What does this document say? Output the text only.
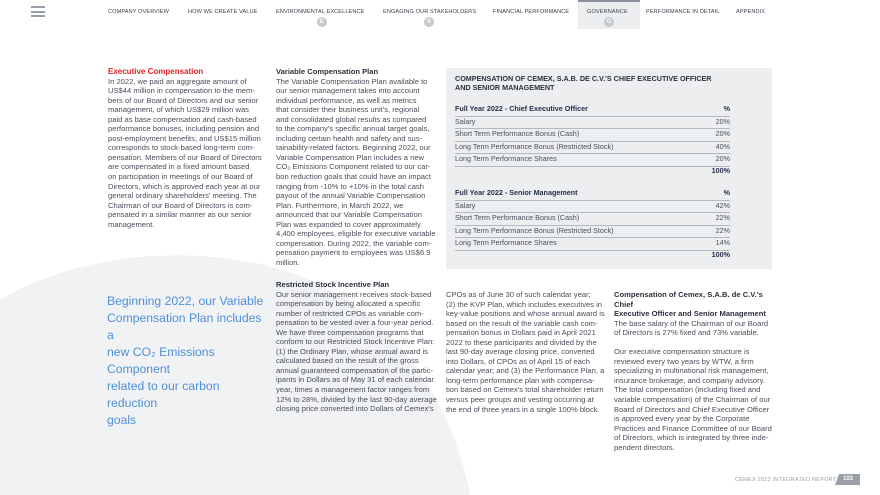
COMPANY OVERVIEW	HOW WE CREATE VALUE	ENVIRONMENTAL EXCELLENCE	ENGAGING OUR STAKEHOLDERS	FINANCIAL PERFORMANCE	GOVERNANCE	PERFORMANCE IN DETAIL	APPENDIX
E	S	G

Executive Compensation

In 2022, we paid an aggregate amount of
US$44 million in compensation to the mem-
bers of our Board of Directors and our senior
management, of which US$29 million was
paid as base compensation and cash-based
performance bonuses, including pension and
post-employment benefits, and US$15 million
corresponds to stock-based long-term com-
pensation. Members of our Board of Directors
are compensated in a fixed amount based
on participation in meetings of our Board of
Directors, which is approved each year at our
general ordinary shareholders' meeting. The
Chairman of our Board of Directors is com-
pensated in a similar manner as our senior
management.
Beginning 2022, our Variable
Compensation Plan includes a
new CO₂ Emissions Component
related to our carbon reduction
goals

Variable Compensation Plan

The Variable Compensation Plan available to
our senior management takes into account
individual performance, as well as metrics
that consider their business unit's, regional
and consolidated global results as compared
to the company's specific annual target goals,
including certain health and safety and sus-
tainability-related factors. Beginning 2022, our
Variable Compensation Plan includes a new
CO₂ Emissions Component related to our car-
bon reduction goals that could have an impact
ranging from -10% to +10% in the total cash
payout of the annual Variable Compensation
Plan. Furthermore, in March 2022, we
announced that our Variable Compensation
Plan was expanded to cover approximately
4,400 employees, eligible for executive variable
compensation. During 2022, the variable com-
pensation payment to employees was US$6.9
million.

Restricted Stock Incentive Plan

Our senior management receives stock-based
compensation by being allocated a specific
number of restricted CPOs as variable com-
pensation to be vested over a four-year period.
We have three compensation programs that
conform to our Restricted Stock Incentive Plan:
(1) the Ordinary Plan, whose annual award is
calculated based on the result of the gross
annual guaranteed compensation of the partic-
ipants in Dollars as of May 31 of each calendar
year, times a management factor ranges from
12% to 28%, divided by the last 90-day average
closing price converted into Dollars of Cemex's
CPOs as of June 30 of such calendar year;
(2) the KVP Plan, which includes executives in
key-value positions and whose annual award is
based on the result of the variable cash com-
pensation bonus in Dollars paid in April 2021
2022 to these participants and divided by the
last 90-day average closing price, converted
into Dollars, of CPOs as of April 15 of each
calendar year; and (3) the Performance Plan, a
long-term performance plan with compensa-
tion based on Cemex's total shareholder return
versus peer groups and vesting occurring at
the end of three years in a single 100% block.
Compensation of Cemex, S.A.B. de C.V.'s Chief
Executive Officer and Senior Management
The base salary of the Chairman of our Board
of Directors is 27% fixed and 73% variable.
Our executive compensation structure is
reviewed every two years by WTW, a firm
specializing in multinational risk management,
insurance brokerage, and company advisory.
The total compensation (including fixed and
variable compensation) of the Chairman of our
Board of Directors and Chief Executive Officer
is approved every year by the Corporate
Practices and Finance Committee of our Board
of Directors, which is integrated by three inde-
pendent directors.
COMPENSATION OF CEMEX, S.A.B. DE C.V.'S CHIEF EXECUTIVE OFFICER
AND SENIOR MANAGEMENT
Full Year 2022 - Chief Executive Officer	%
Salary	20%
Short Term Performance Bonus (Cash)	20%
Long Term Performance Bonus (Restricted Stock)	40%
Long Term Performance Shares	20%
100%
Full Year 2022 - Senior Management	%
Salary	42%
Short Term Performance Bonus (Cash)	22%
Long Term Performance Bonus (Restricted Stock)	22%
Long Term Performance Shares	14%
100%
CEMEX 2022 INTEGRATED REPORT	103
